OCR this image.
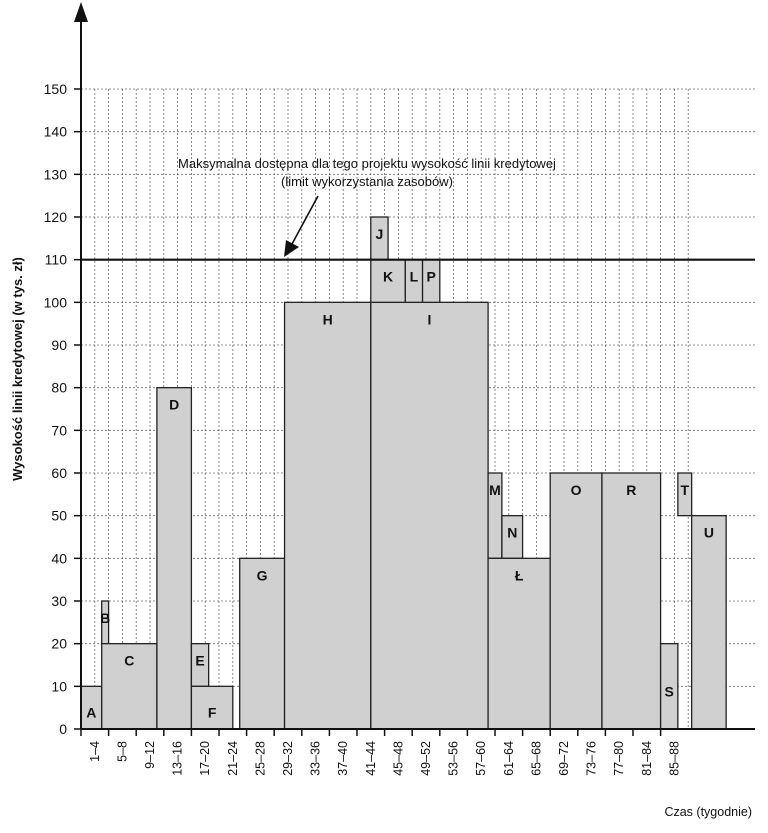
0
10
20
30
40
50
60
70
80
90
100
110
120
130
140
150
A
B
C
D
E
F
G
H	I
J
K L P
M
N
Ł
O	R
S
T
U
1–4 5–8 9–12 13–16 17–20 21–24 25–28 29–32 33–36 37–40 41–44 45–48 49–52 53–56 57–60 61–64 65–68 69–72 73–76 77–80 81–84 85–88
Maksymalna dostępna dla tego projektu wysokość linii kredytowej
(limit wykorzystania zasobów)
Wysokość linii kredytowej (w tys. zł)
Czas (tygodnie)
